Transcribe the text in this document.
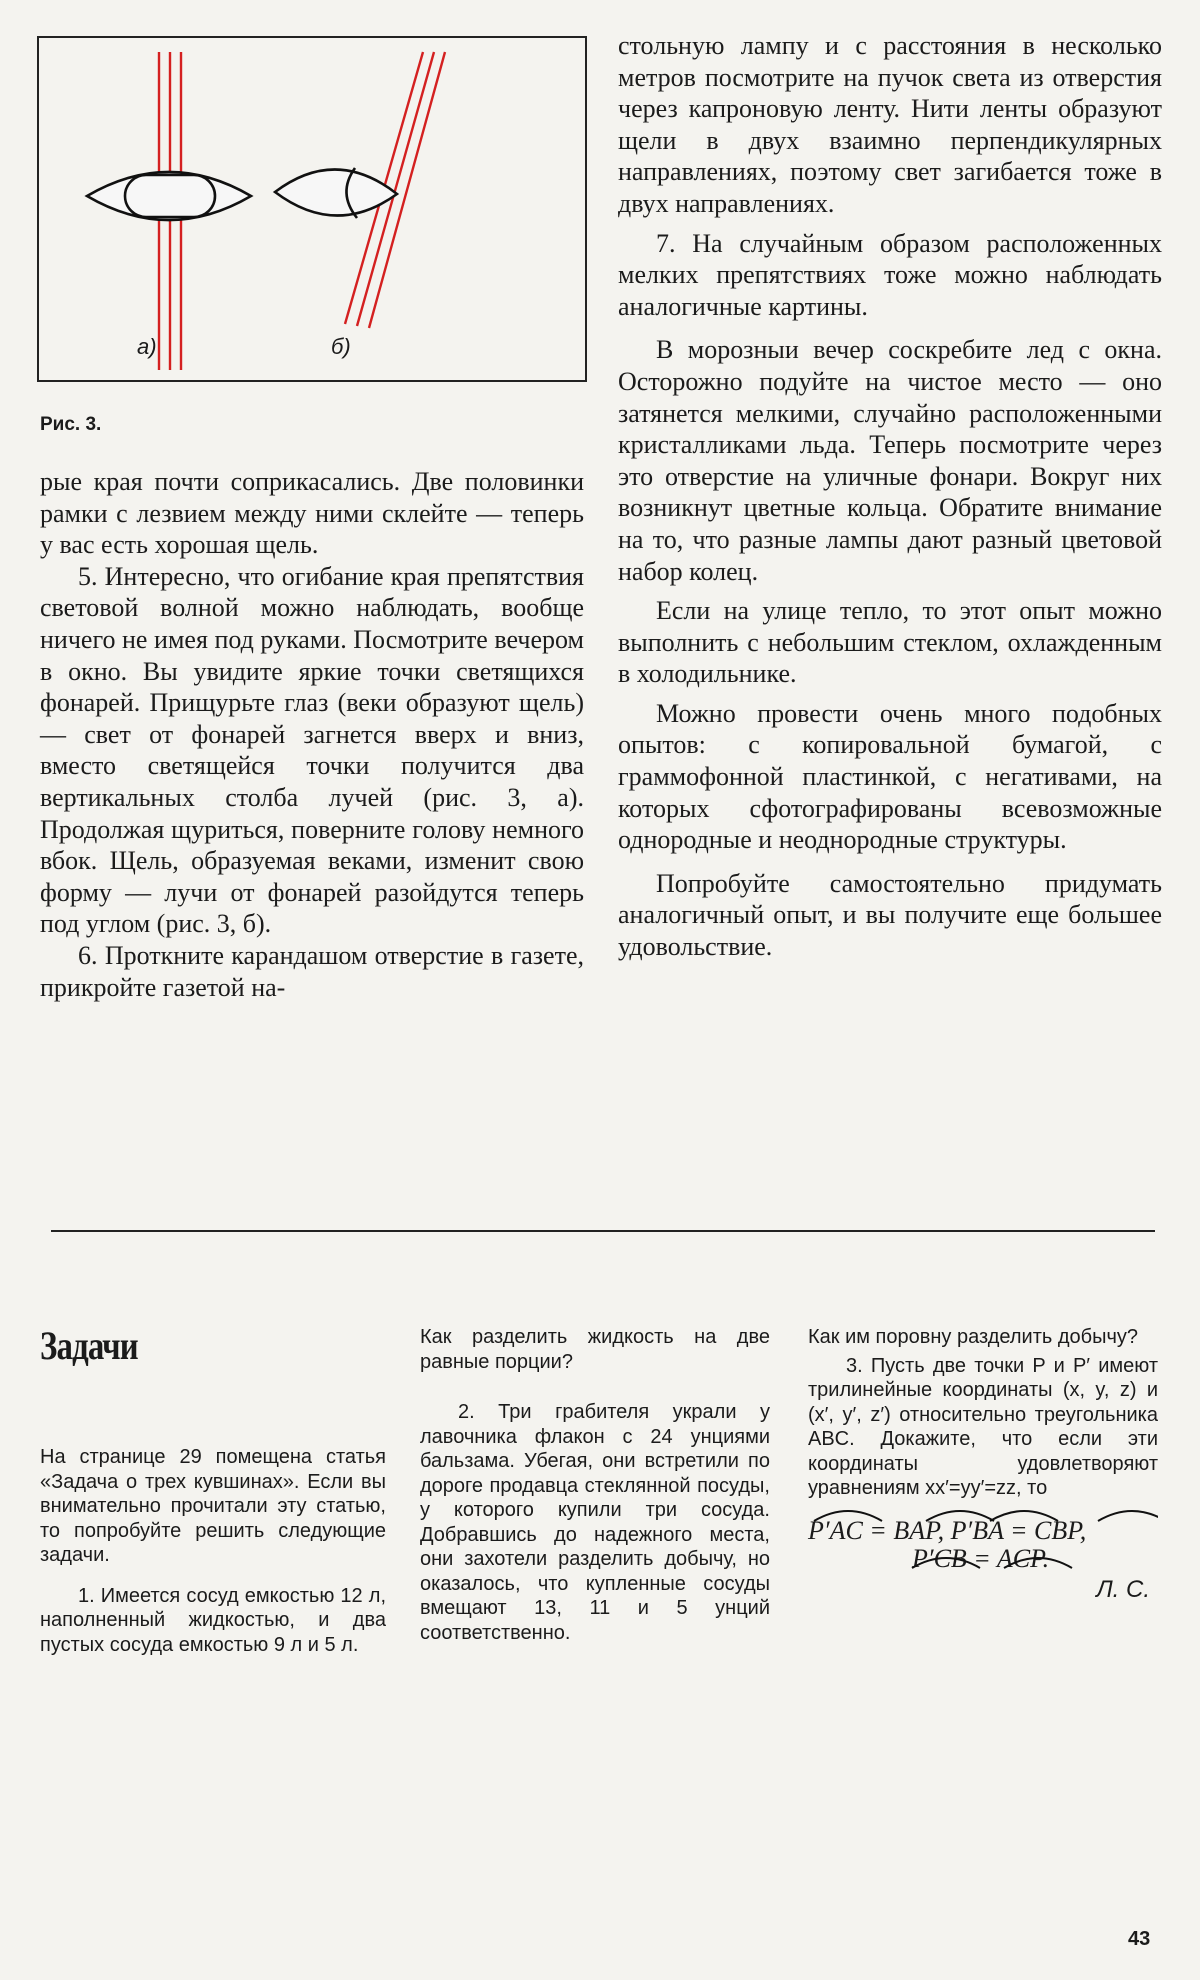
а)	б)
Рис. 3.

рые края почти соприкасались. Две половинки рамки с лезвием между ними склейте — теперь у вас есть хорошая щель.

5. Интересно, что огибание края препятствия световой волной можно наблюдать, вообще ничего не имея под руками. Посмотрите вечером в окно. Вы увидите яркие точки светящихся фонарей. Прищурьте глаз (веки образуют щель) — свет от фонарей загнется вверх и вниз, вместо светящейся точки получится два вертикальных столба лучей (рис. 3, а). Продолжая щуриться, поверните голову немного вбок. Щель, образуемая веками, изменит свою форму — лучи от фонарей разойдутся теперь под углом (рис. 3, б).

6. Проткните карандашом отверстие в газете, прикройте газетой на-

стольную лампу и с расстояния в несколько метров посмотрите на пучок света из отверстия через капроновую ленту. Нити ленты образуют щели в двух взаимно перпендикулярных направлениях, поэтому свет загибается тоже в двух направлениях.

7. На случайным образом расположенных мелких препятствиях тоже можно наблюдать аналогичные картины.

В морозныи вечер соскребите лед с окна. Осторожно подуйте на чистое место — оно затянется мелкими, случайно расположенными кристалликами льда. Теперь посмотрите через это отверстие на уличные фонари. Вокруг них возникнут цветные кольца. Обратите внимание на то, что разные лампы дают разный цветовой набор колец.

Если на улице тепло, то этот опыт можно выполнить с небольшим стеклом, охлажденным в холодильнике.

Можно провести очень много подобных опытов: с копировальной бумагой, с граммофонной пластинкой, с негативами, на которых сфотографированы всевозможные однородные и неоднородные структуры.

Попробуйте самостоятельно придумать аналогичный опыт, и вы получите еще большее удовольствие.

Задачи

На странице 29 помещена статья «Задача о трех кувшинах». Если вы внимательно прочитали эту статью, то попробуйте решить следующие задачи.

1. Имеется сосуд емкостью 12 л, наполненный жидкостью, и два пустых сосуда емкостью 9 л и 5 л.

Как разделить жидкость на две равные порции?

2. Три грабителя украли у лавочника флакон с 24 унциями бальзама. Убегая, они встретили по дороге продавца стеклянной посуды, у которого купили три сосуда. Добравшись до надежного места, они захотели разделить добычу, но оказалось, что купленные сосуды вмещают 13, 11 и 5 унций соответственно.

Как им поровну разделить добычу?

3. Пусть две точки P и P′ имеют трилинейные координаты (x, y, z) и (x′, y′, z′) относительно треугольника ABC. Докажите, что если эти координаты удовлетворяют уравнениям xx′=yy′=zz, то

P′AC = BAP, P′BA = CBP,
P′CB = ACP.
Л. С.
43
